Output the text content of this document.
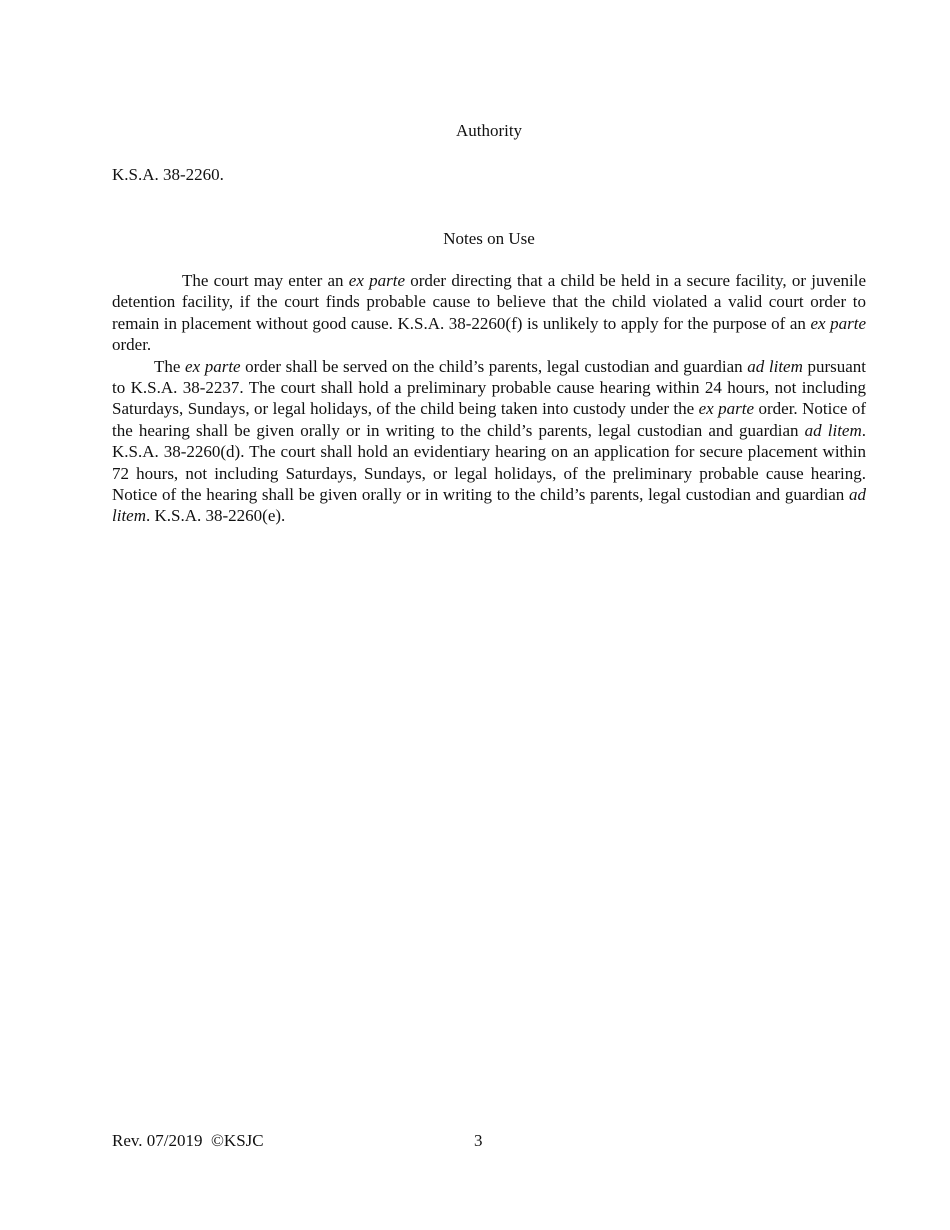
Authority

K.S.A. 38-2260.

Notes on Use

The court may enter an ex parte order directing that a child be held in a secure facility, or juvenile detention facility, if the court finds probable cause to believe that the child violated a valid court order to remain in placement without good cause. K.S.A. 38-2260(f) is unlikely to apply for the purpose of an ex parte order.

The ex parte order shall be served on the child’s parents, legal custodian and guardian ad litem pursuant to K.S.A. 38-2237. The court shall hold a preliminary probable cause hearing within 24 hours, not including Saturdays, Sundays, or legal holidays, of the child being taken into custody under the ex parte order. Notice of the hearing shall be given orally or in writing to the child’s parents, legal custodian and guardian ad litem. K.S.A. 38-2260(d). The court shall hold an evidentiary hearing on an application for secure placement within 72 hours, not including Saturdays, Sundays, or legal holidays, of the preliminary probable cause hearing. Notice of the hearing shall be given orally or in writing to the child’s parents, legal custodian and guardian ad litem. K.S.A. 38-2260(e).

Rev. 07/2019  ©KSJC	3
